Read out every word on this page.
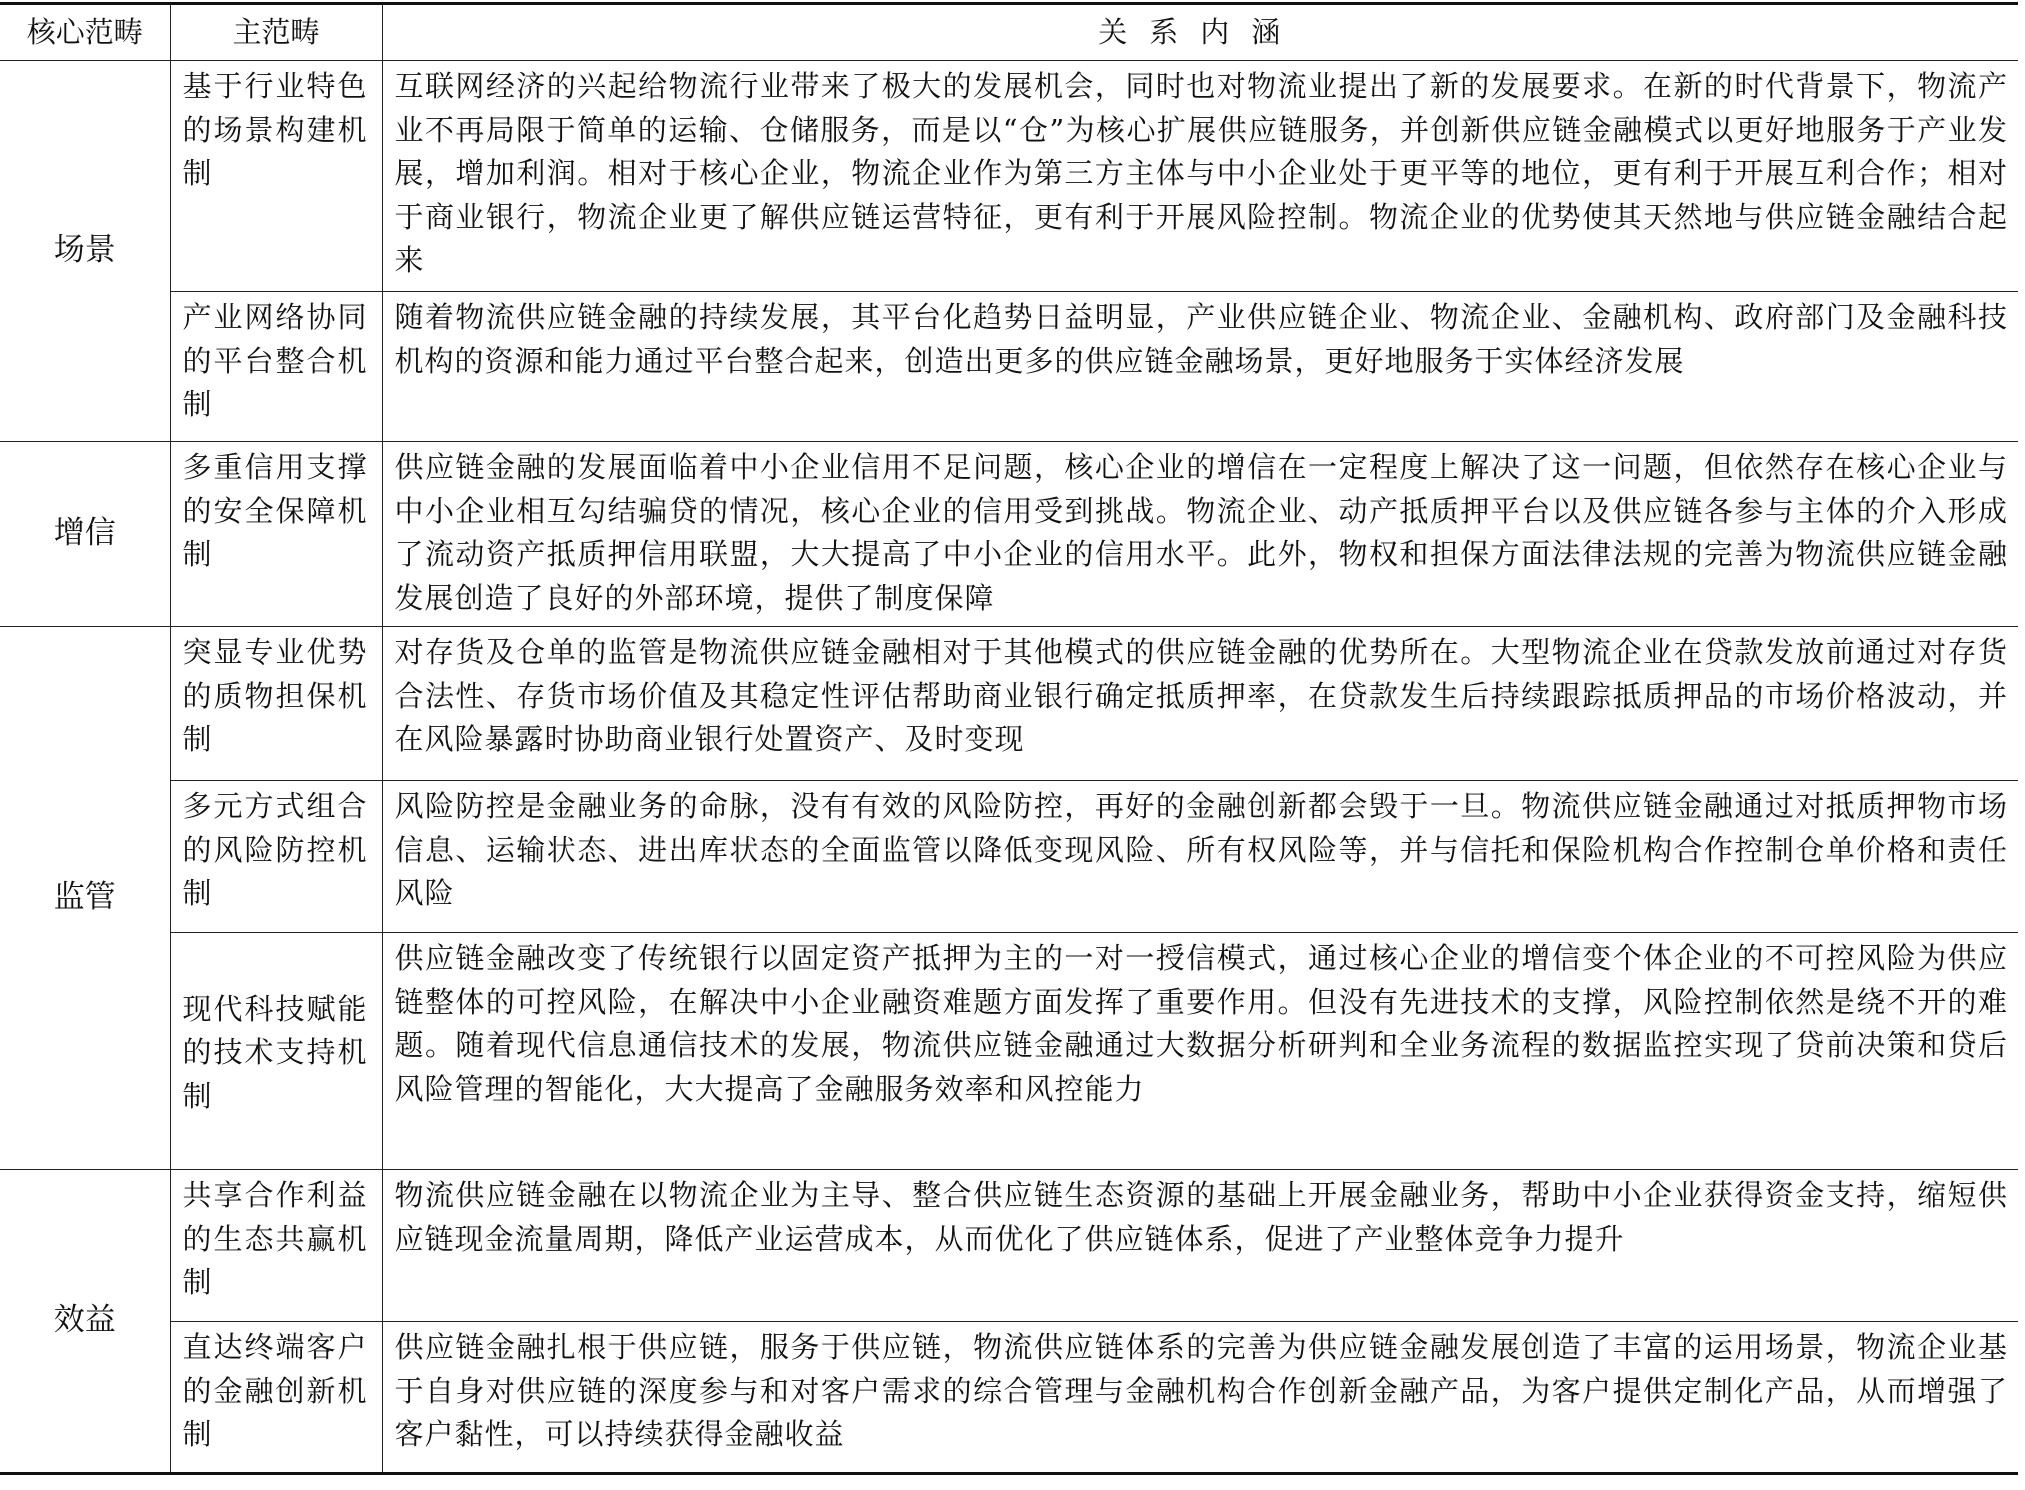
核心范畴	主范畴	关系内涵
场景	基于行业特色的场景构建机制	互联网经济的兴起给物流行业带来了极大的发展机会，同时也对物流业提出了新的发展要求。在新的时代背景下，物流产业不再局限于简单的运输、仓储服务，而是以“仓”为核心扩展供应链服务，并创新供应链金融模式以更好地服务于产业发展，增加利润。相对于核心企业，物流企业作为第三方主体与中小企业处于更平等的地位，更有利于开展互利合作；相对于商业银行，物流企业更了解供应链运营特征，更有利于开展风险控制。物流企业的优势使其天然地与供应链金融结合起来
	产业网络协同的平台整合机制	随着物流供应链金融的持续发展，其平台化趋势日益明显，产业供应链企业、物流企业、金融机构、政府部门及金融科技机构的资源和能力通过平台整合起来，创造出更多的供应链金融场景，更好地服务于实体经济发展
增信	多重信用支撑的安全保障机制	供应链金融的发展面临着中小企业信用不足问题，核心企业的增信在一定程度上解决了这一问题，但依然存在核心企业与中小企业相互勾结骗贷的情况，核心企业的信用受到挑战。物流企业、动产抵质押平台以及供应链各参与主体的介入形成了流动资产抵质押信用联盟，大大提高了中小企业的信用水平。此外，物权和担保方面法律法规的完善为物流供应链金融发展创造了良好的外部环境，提供了制度保障
监管	突显专业优势的质物担保机制	对存货及仓单的监管是物流供应链金融相对于其他模式的供应链金融的优势所在。大型物流企业在贷款发放前通过对存货合法性、存货市场价值及其稳定性评估帮助商业银行确定抵质押率，在贷款发生后持续跟踪抵质押品的市场价格波动，并在风险暴露时协助商业银行处置资产、及时变现
	多元方式组合的风险防控机制	风险防控是金融业务的命脉，没有有效的风险防控，再好的金融创新都会毁于一旦。物流供应链金融通过对抵质押物市场信息、运输状态、进出库状态的全面监管以降低变现风险、所有权风险等，并与信托和保险机构合作控制仓单价格和责任风险
	现代科技赋能的技术支持机制	供应链金融改变了传统银行以固定资产抵押为主的一对一授信模式，通过核心企业的增信变个体企业的不可控风险为供应链整体的可控风险，在解决中小企业融资难题方面发挥了重要作用。但没有先进技术的支撑，风险控制依然是绕不开的难题。随着现代信息通信技术的发展，物流供应链金融通过大数据分析研判和全业务流程的数据监控实现了贷前决策和贷后风险管理的智能化，大大提高了金融服务效率和风控能力
效益	共享合作利益的生态共赢机制	物流供应链金融在以物流企业为主导、整合供应链生态资源的基础上开展金融业务，帮助中小企业获得资金支持，缩短供应链现金流量周期，降低产业运营成本，从而优化了供应链体系，促进了产业整体竞争力提升
	直达终端客户的金融创新机制	供应链金融扎根于供应链，服务于供应链，物流供应链体系的完善为供应链金融发展创造了丰富的运用场景，物流企业基于自身对供应链的深度参与和对客户需求的综合管理与金融机构合作创新金融产品，为客户提供定制化产品，从而增强了客户黏性，可以持续获得金融收益
